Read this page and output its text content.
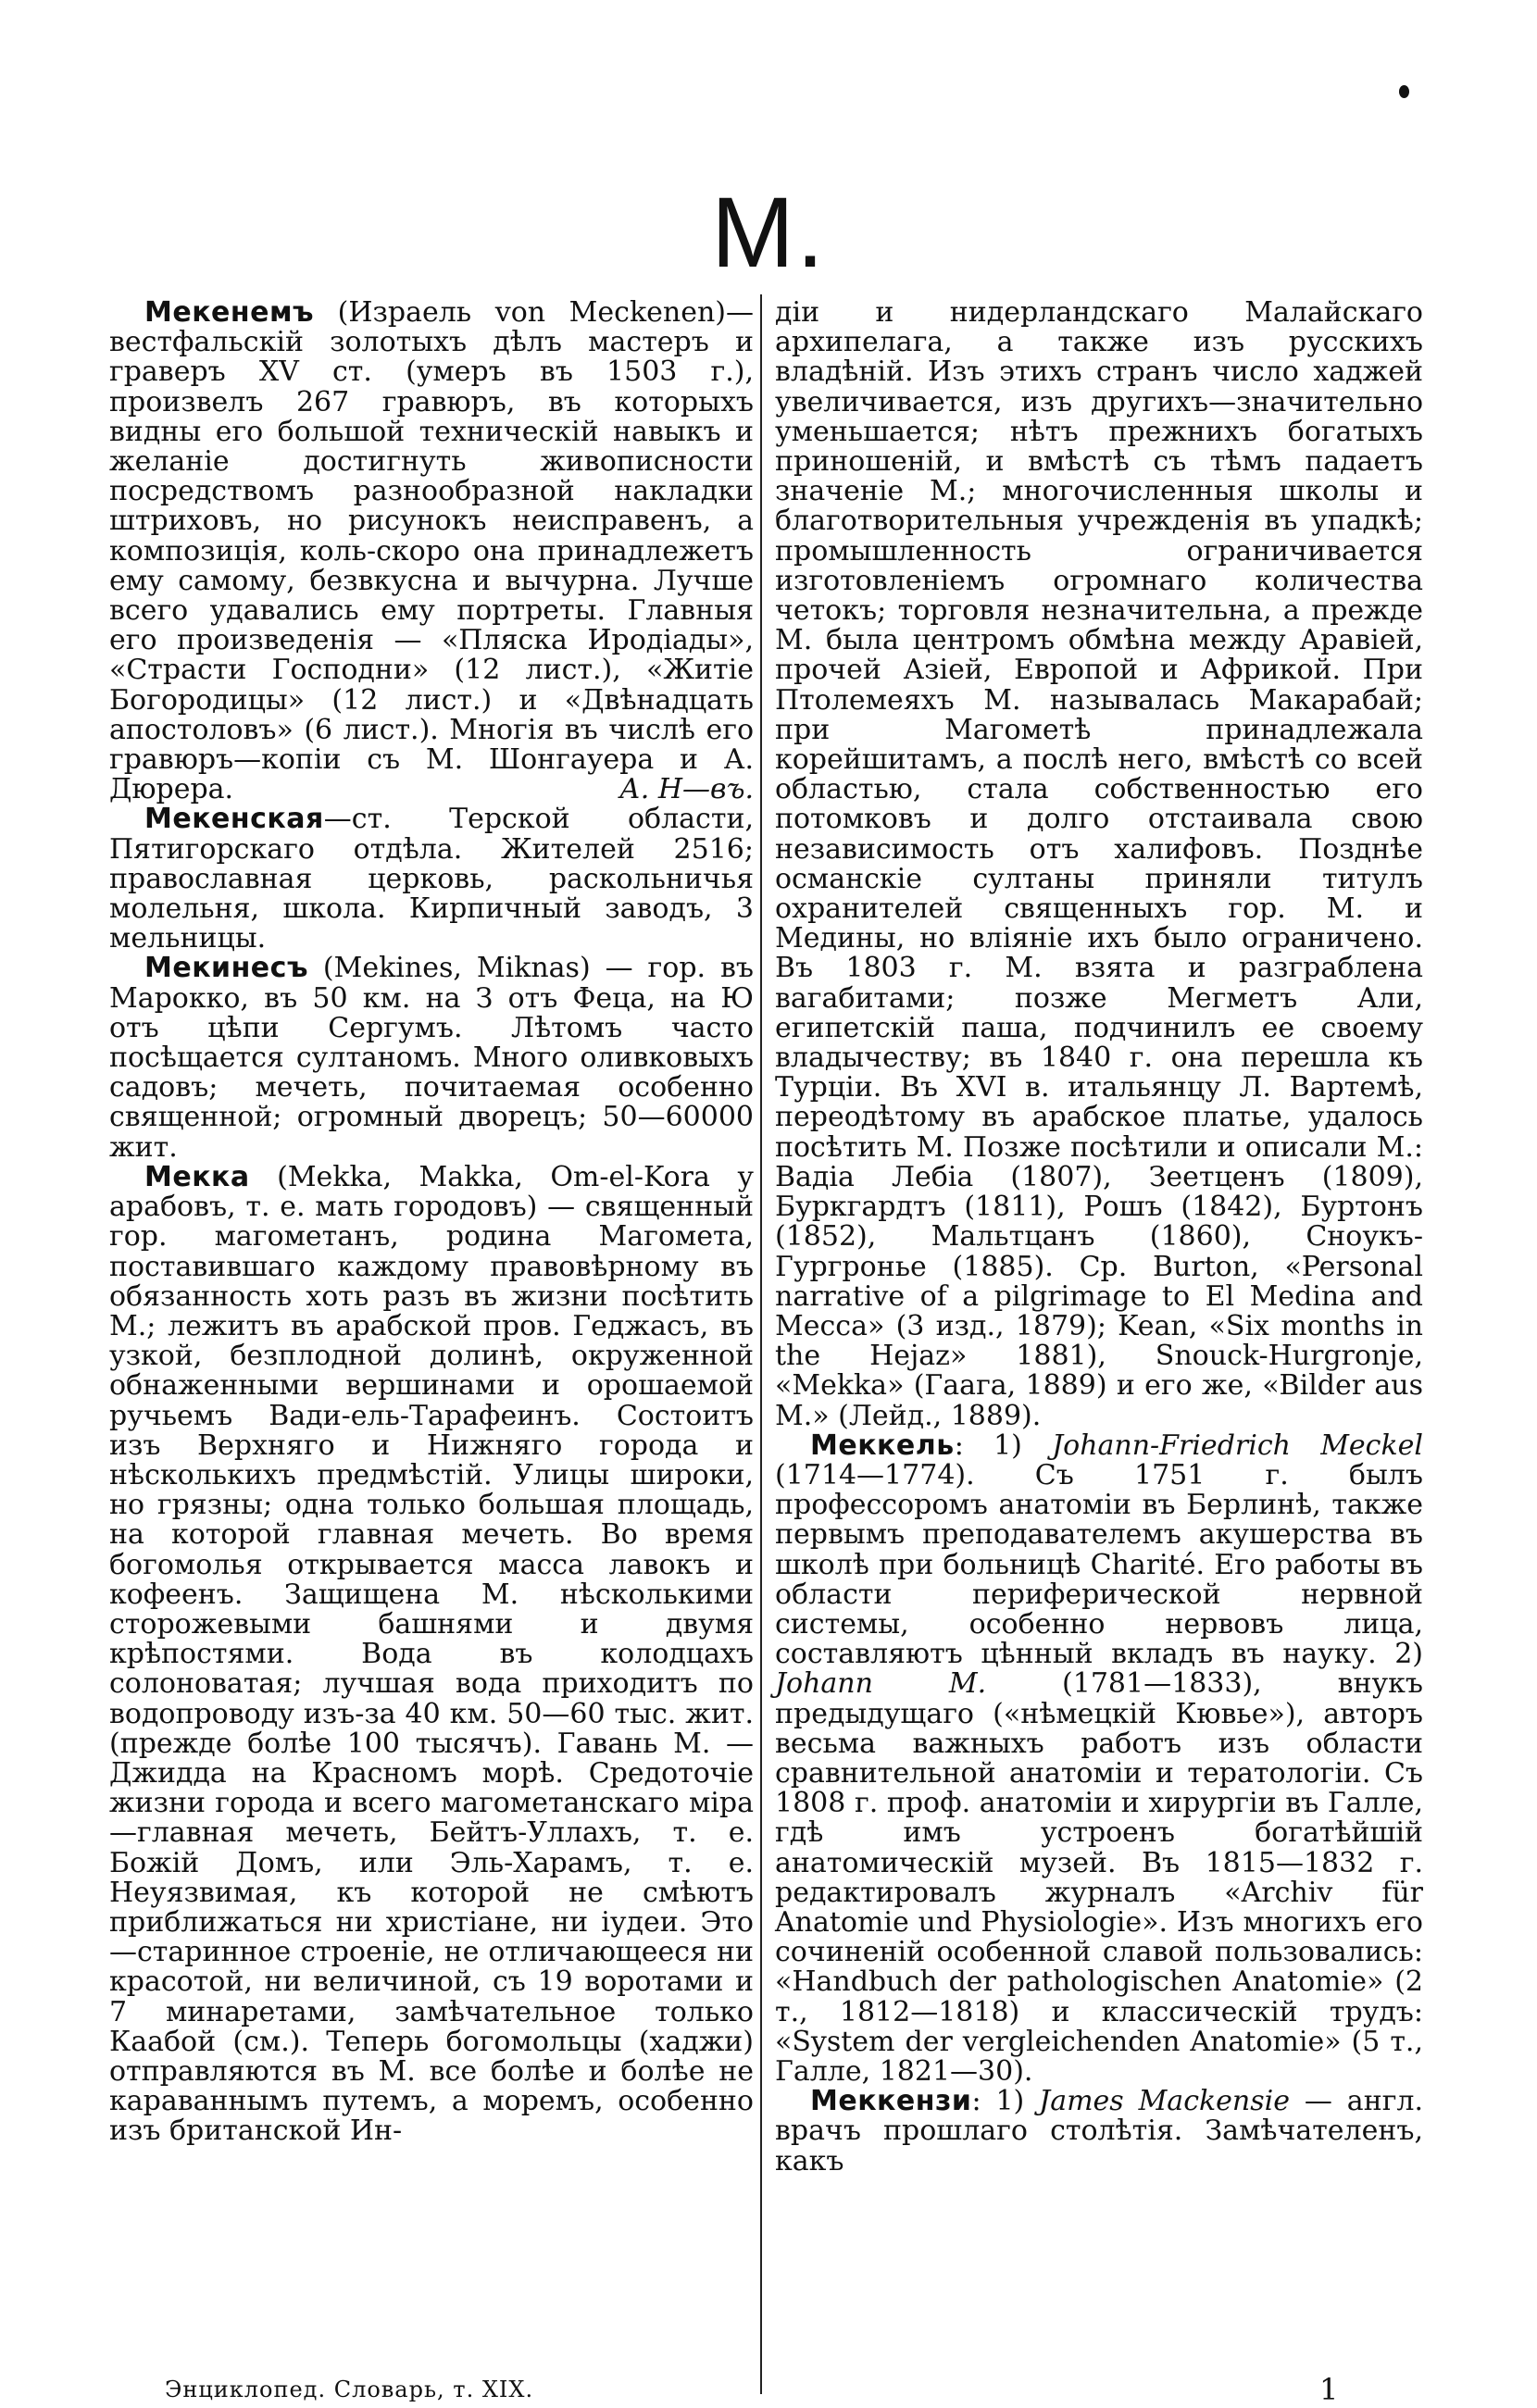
М.

Мекенемъ (Израель von Meckenen)—вестфальскій золотыхъ дѣлъ мастеръ и граверъ XV ст. (умеръ въ 1503 г.), произвелъ 267 гравюръ, въ которыхъ видны его большой техническій навыкъ и желаніе достигнуть живописности посредствомъ разнообразной накладки штриховъ, но рисунокъ неисправенъ, а композиція, коль-скоро она принадлежетъ ему самому, безвкусна и вычурна. Лучше всего удавались ему портреты. Главныя его произведенія — «Пляска Иродіады», «Страсти Господни» (12 лист.), «Житіе Богородицы» (12 лист.) и «Двѣнадцать апостоловъ» (6 лист.). Многія въ числѣ его гравюръ—копіи съ М. Шонгауера и А. Дюрера.	А. Н—въ.

Мекенская—ст. Терской области, Пятигорскаго отдѣла. Жителей 2516; православная церковь, раскольничья молельня, школа. Кирпичный заводъ, 3 мельницы.

Мекинесъ (Mekines, Miknas) — гор. въ Марокко, въ 50 км. на З отъ Феца, на Ю отъ цѣпи Сергумъ. Лѣтомъ часто посѣщается султаномъ. Много оливковыхъ садовъ; мечеть, почитаемая особенно священной; огромный дворецъ; 50—60000 жит.

Мекка (Mekka, Makka, Om-el-Kora у арабовъ, т. е. мать городовъ) — священный гор. магометанъ, родина Магомета, поставившаго каждому правовѣрному въ обязанность хоть разъ въ жизни посѣтить М.; лежитъ въ арабской пров. Геджасъ, въ узкой, безплодной долинѣ, окруженной обнаженными вершинами и орошаемой ручьемъ Вади-ель-Тарафеинъ. Состоитъ изъ Верхняго и Нижняго города и нѣсколькихъ предмѣстій. Улицы широки, но грязны; одна только большая площадь, на которой главная мечеть. Во время богомолья открывается масса лавокъ и кофеенъ. Защищена М. нѣсколькими сторожевыми башнями и двумя крѣпостями. Вода въ колодцахъ солоноватая; лучшая вода приходитъ по водопроводу изъ-за 40 км. 50—60 тыс. жит. (прежде болѣе 100 тысячъ). Гавань М. — Джидда на Красномъ морѣ. Средоточіе жизни города и всего магометанскаго міра—главная мечеть, Бейтъ-Уллахъ, т. е. Божій Домъ, или Эль-Харамъ, т. е. Неуязвимая, къ которой не смѣютъ приближаться ни христіане, ни іудеи. Это—старинное строеніе, не отличающееся ни красотой, ни величиной, съ 19 воротами и 7 минаретами, замѣчательное только Каабой (см.). Теперь богомольцы (хаджи) отправляются въ М. все болѣе и болѣе не караваннымъ путемъ, а моремъ, особенно изъ британской Ин-

діи и нидерландскаго Малайскаго архипелага, а также изъ русскихъ владѣній. Изъ этихъ странъ число хаджей увеличивается, изъ другихъ—значительно уменьшается; нѣтъ прежнихъ богатыхъ приношеній, и вмѣстѣ съ тѣмъ падаетъ значеніе М.; многочисленныя школы и благотворительныя учрежденія въ упадкѣ; промышленность ограничивается изготовленіемъ огромнаго количества четокъ; торговля незначительна, а прежде М. была центромъ обмѣна между Аравіей, прочей Азіей, Европой и Африкой. При Птолемеяхъ М. называлась Макарабай; при Магометѣ принадлежала корейшитамъ, а послѣ него, вмѣстѣ со всей областью, стала собственностью его потомковъ и долго отстаивала свою независимость отъ халифовъ. Позднѣе османскіе султаны приняли титулъ охранителей священныхъ гор. М. и Медины, но вліяніе ихъ было ограничено. Въ 1803 г. М. взята и разграблена вагабитами; позже Мегметъ Али, египетскій паша, подчинилъ ее своему владычеству; въ 1840 г. она перешла къ Турціи. Въ XVI в. итальянцу Л. Вартемѣ, переодѣтому въ арабское платье, удалось посѣтить М. Позже посѣтили и описали М.: Вадіа Лебіа (1807), Зеетценъ (1809), Буркгардтъ (1811), Рошъ (1842), Буртонъ (1852), Мальтцанъ (1860), Сноукъ-Гургронье (1885). Ср. Burton, «Personal narrative of a pilgrimage to El Medina and Mecca» (3 изд., 1879); Kean, «Six months in the Hejaz» 1881), Snouck-Hurgronje, «Mekka» (Гаага, 1889) и его же, «Bilder aus M.» (Лейд., 1889).

Меккель: 1) Johann-Friedrich Meckel (1714—1774). Съ 1751 г. былъ профессоромъ анатоміи въ Берлинѣ, также первымъ преподавателемъ акушерства въ школѣ при больницѣ Charité. Его работы въ области периферической нервной системы, особенно нервовъ лица, составляютъ цѣнный вкладъ въ науку. 2) Johann M. (1781—1833), внукъ предыдущаго («нѣмецкій Кювье»), авторъ весьма важныхъ работъ изъ области сравнительной анатоміи и тератологіи. Съ 1808 г. проф. анатоміи и хирургіи въ Галле, гдѣ имъ устроенъ богатѣйшій анатомическій музей. Въ 1815—1832 г. редактировалъ журналъ «Archiv für Anatomie und Physiologie». Изъ многихъ его сочиненій особенной славой пользовались: «Handbuch der pathologischen Anatomie» (2 т., 1812—1818) и классическій трудъ: «System der vergleichenden Anatomie» (5 т., Галле, 1821—30).

Меккензи: 1) James Mackensie — англ. врачъ прошлаго столѣтія. Замѣчателенъ, какъ

Энциклопед. Словарь, т. XIX.	1
